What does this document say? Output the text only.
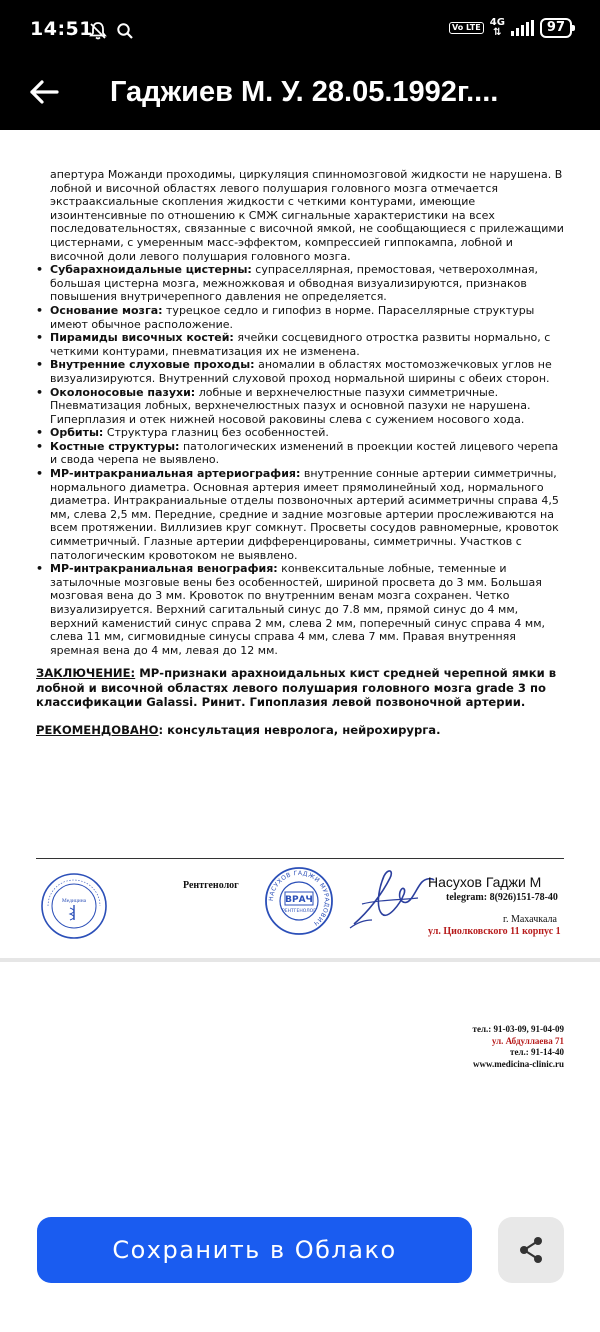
14:51	Vo LTE 4G
⇅	97
Гаджиев М. У. 28.05.1992г....

апертура Можанди проходимы, циркуляция спинномозговой жидкости не нарушена. В лобной и височной областях левого полушария головного мозга отмечается экстрааксиальные скопления жидкости с четкими контурами, имеющие изоинтенсивные по отношению к СМЖ сигнальные характеристики на всех последовательностях, связанные с височной ямкой, не сообщающиеся с прилежащими цистернами, с умеренным масс-эффектом, компрессией гиппокампа, лобной и височной доли левого полушария головного мозга.

• Субарахноидальные цистерны: супраселлярная, премостовая, четверохолмная, большая цистерна мозга, межножковая и обводная визуализируются, признаков повышения внутричерепного давления не определяется.
• Основание мозга: турецкое седло и гипофиз в норме. Параселлярные структуры имеют обычное расположение.
• Пирамиды височных костей: ячейки сосцевидного отростка развиты нормально, с четкими контурами, пневматизация их не изменена.
• Внутренние слуховые проходы: аномалии в областях мостомозжечковых углов не визуализируются. Внутренний слуховой проход нормальной ширины с обеих сторон.
• Околоносовые пазухи: лобные и верхнечелюстные пазухи симметричные. Пневматизация лобных, верхнечелюстных пазух и основной пазухи не нарушена. Гиперплазия и отек нижней носовой раковины слева с сужением носового хода.
• Орбиты: Структура глазниц без особенностей.
• Костные структуры: патологических изменений в проекции костей лицевого черепа и свода черепа не выявлено.
• МР-интракраниальная артериография: внутренние сонные артерии симметричны, нормального диаметра. Основная артерия имеет прямолинейный ход, нормального диаметра. Интракраниальные отделы позвоночных артерий асимметричны справа 4,5 мм, слева 2,5 мм. Передние, средние и задние мозговые артерии прослеживаются на всем протяжении. Виллизиев круг сомкнут. Просветы сосудов равномерные, кровоток симметричный. Глазные артерии дифференцированы, симметричны. Участков с патологическим кровотоком не выявлено.
• МР-интракраниальная венография: конвекситальные лобные, теменные и затылочные мозговые вены без особенностей, шириной просвета до 3 мм. Большая мозговая вена до 3 мм. Кровоток по внутренним венам мозга сохранен. Четко визуализируется. Верхний сагитальный синус до 7.8 мм, прямой синус до 4 мм, верхний каменистий синус справа 2 мм, слева 2 мм, поперечный синус справа 4 мм, слева 11 мм, сигмовидные синусы справа 4 мм, слева 7 мм. Правая внутренняя яремная вена до 4 мм, левая до 12 мм.

ЗАКЛЮЧЕНИЕ: МР-признаки арахноидальных кист средней черепной ямки в лобной и височной областях левого полушария головного мозга grade 3 по классификации Galassi. Ринит. Гипоплазия левой позвоночной артерии.

РЕКОМЕНДОВАНО: консультация невролога, нейрохирурга.

Медицина
Рентгенолог
НАСУХОВ ГАДЖИ МУРАДОВИЧ
ВРАЧ
РЕНТГЕНОЛОГ
Насухов Гаджи М
telegram: 8(926)151-78-40
г. Махачкала
ул. Циолковского 11 корпус 1
тел.: 91-03-09, 91-04-09
ул. Абдуллаева 71
тел.: 91-14-40
www.medicina-clinic.ru
Сохранить в Облако
